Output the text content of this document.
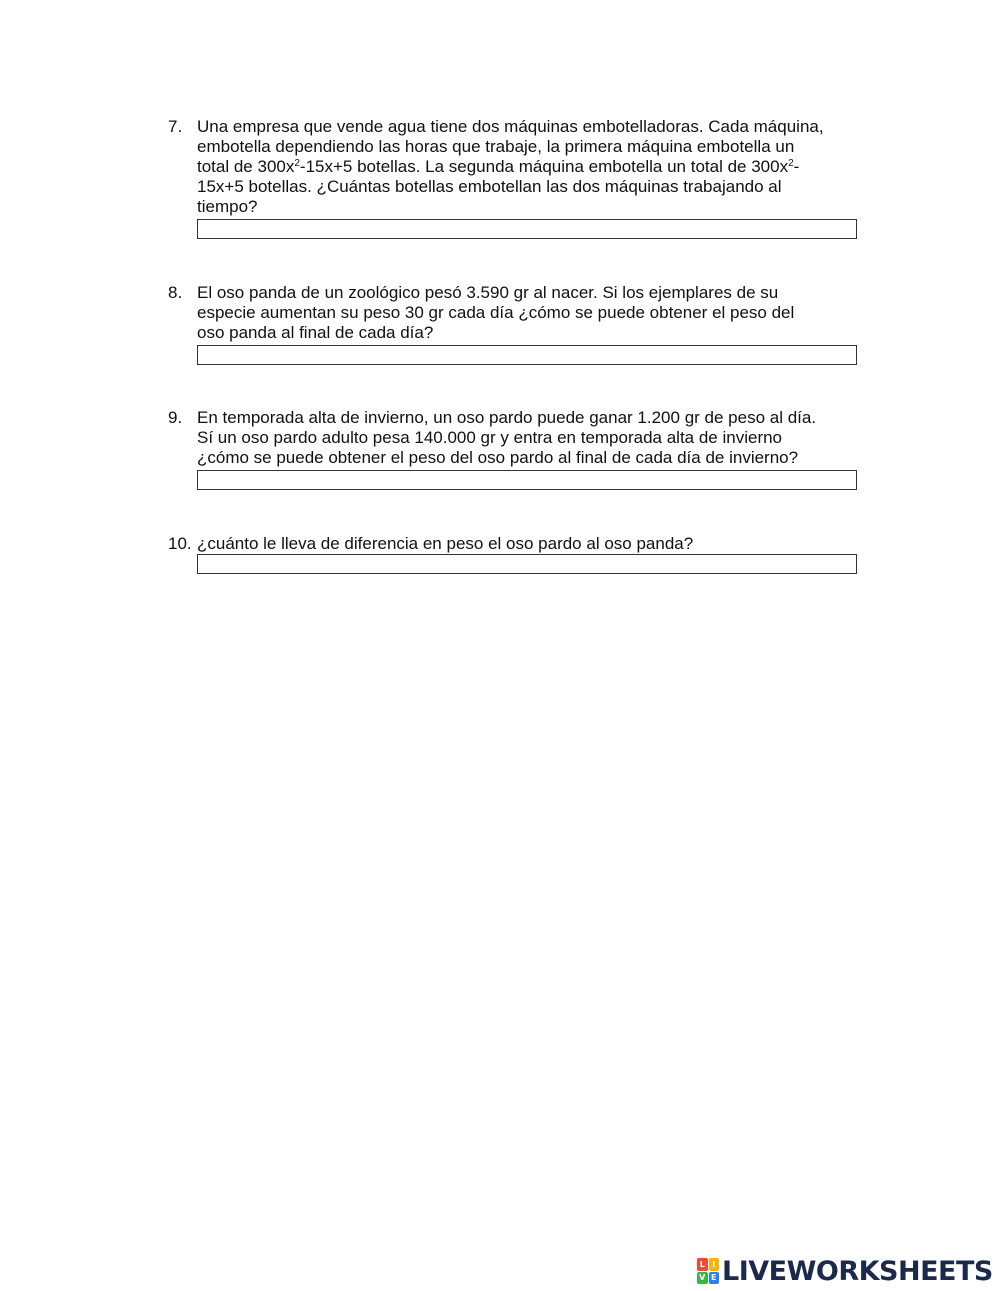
7. Una empresa que vende agua tiene dos máquinas embotelladoras. Cada máquina,
embotella dependiendo las horas que trabaje, la primera máquina embotella un
total de $300x^2-15x+5$ botellas. La segunda máquina embotella un total de $300x^2-$
15x+5 botellas. ¿Cuántas botellas embotellan las dos máquinas trabajando al
tiempo?
8. El oso panda de un zoológico pesó 3.590 gr al nacer. Si los ejemplares de su
especie aumentan su peso 30 gr cada día ¿cómo se puede obtener el peso del
oso panda al final de cada día?
9. En temporada alta de invierno, un oso pardo puede ganar 1.200 gr de peso al día.
Sí un oso pardo adulto pesa 140.000 gr y entra en temporada alta de invierno
¿cómo se puede obtener el peso del oso pardo al final de cada día de invierno?
10. ¿cuánto le lleva de diferencia en peso el oso pardo al oso panda?
L I
V E LIVEWORKSHEETS
